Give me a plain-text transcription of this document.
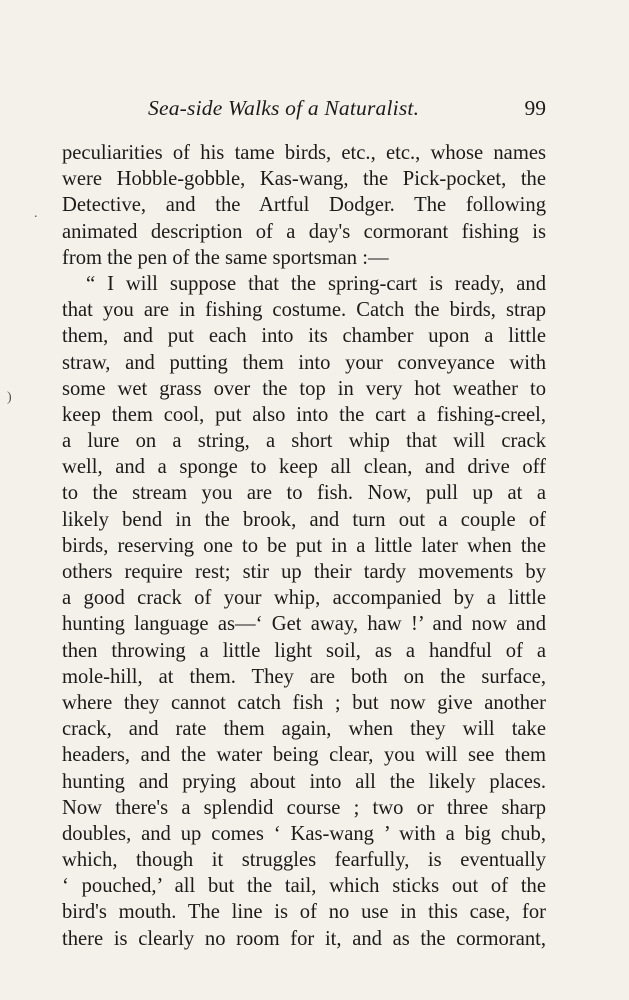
Sea-side Walks of a Naturalist.	99
.
)
peculiarities of his tame birds, etc., etc., whose names
were Hobble-gobble, Kas-wang, the Pick-pocket, the
Detective, and the Artful Dodger. The following
animated description of a day's cormorant fishing is
from the pen of the same sportsman :—
“ I will suppose that the spring-cart is ready, and
that you are in fishing costume. Catch the birds, strap
them, and put each into its chamber upon a little
straw, and putting them into your conveyance with
some wet grass over the top in very hot weather to
keep them cool, put also into the cart a fishing-creel,
a lure on a string, a short whip that will crack
well, and a sponge to keep all clean, and drive off
to the stream you are to fish. Now, pull up at a
likely bend in the brook, and turn out a couple of
birds, reserving one to be put in a little later when the
others require rest; stir up their tardy movements by
a good crack of your whip, accompanied by a little
hunting language as—‘ Get away, haw !’ and now and
then throwing a little light soil, as a handful of a
mole-hill, at them. They are both on the surface,
where they cannot catch fish ; but now give another
crack, and rate them again, when they will take
headers, and the water being clear, you will see them
hunting and prying about into all the likely places.
Now there's a splendid course ; two or three sharp
doubles, and up comes ‘ Kas-wang ’ with a big chub,
which, though it struggles fearfully, is eventually
‘ pouched,’ all but the tail, which sticks out of the
bird's mouth. The line is of no use in this case, for
there is clearly no room for it, and as the cormorant,
